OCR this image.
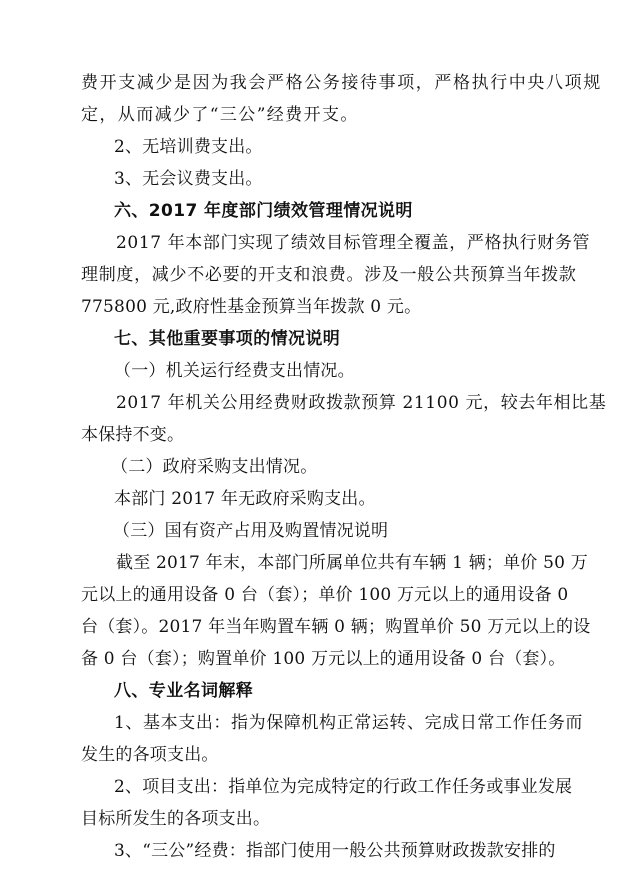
费开支减少是因为我会严格公务接待事项，严格执行中央八项规
定，从而减少了“三公”经费开支。
2、无培训费支出。
3、无会议费支出。
六、2017 年度部门绩效管理情况说明
2017 年本部门实现了绩效目标管理全覆盖，严格执行财务管
理制度，减少不必要的开支和浪费。涉及一般公共预算当年拨款
775800 元,政府性基金预算当年拨款 0 元。
七、其他重要事项的情况说明
（一）机关运行经费支出情况。
2017 年机关公用经费财政拨款预算 21100 元，较去年相比基
本保持不变。
（二）政府采购支出情况。
本部门 2017 年无政府采购支出。
（三）国有资产占用及购置情况说明
截至 2017 年末，本部门所属单位共有车辆 1 辆；单价 50 万
元以上的通用设备 0 台（套）；单价 100 万元以上的通用设备 0
台（套）。2017 年当年购置车辆 0 辆；购置单价 50 万元以上的设
备 0 台（套）；购置单价 100 万元以上的通用设备 0 台（套）。
八、专业名词解释
1、基本支出：指为保障机构正常运转、完成日常工作任务而
发生的各项支出。
2、项目支出：指单位为完成特定的行政工作任务或事业发展
目标所发生的各项支出。
3、“三公”经费：指部门使用一般公共预算财政拨款安排的
